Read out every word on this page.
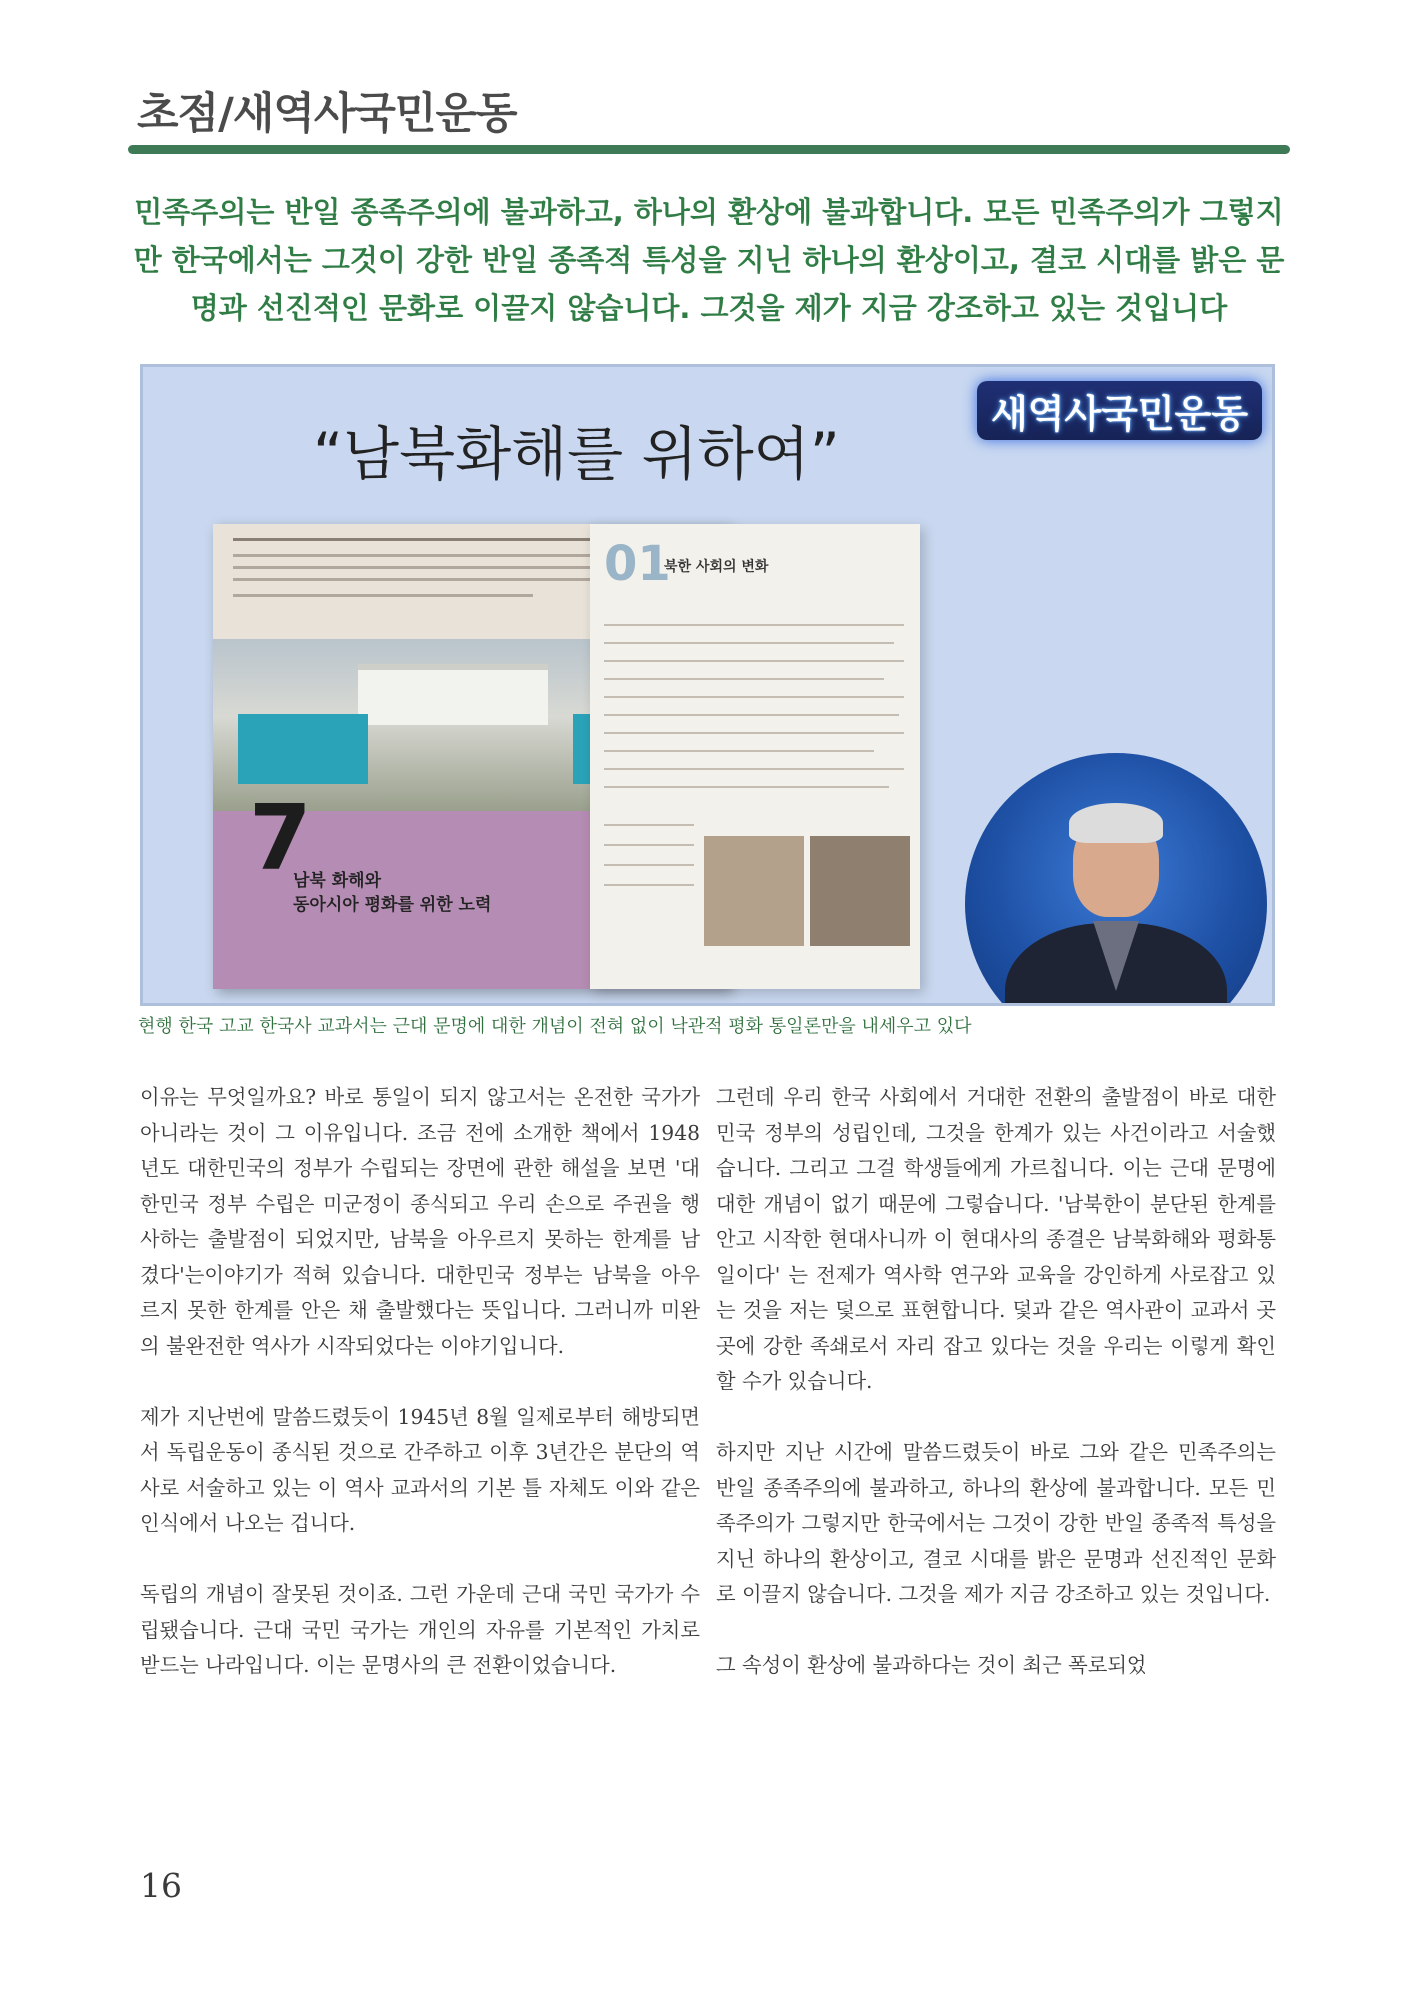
초점/새역사국민운동

민족주의는 반일 종족주의에 불과하고, 하나의 환상에 불과합니다. 모든 민족주의가 그렇지만 한국에서는 그것이 강한 반일 종족적 특성을 지닌 하나의 환상이고, 결코 시대를 밝은 문명과 선진적인 문화로 이끌지 않습니다. 그것을 제가 지금 강조하고 있는 것입니다

“남북화해를 위하여”
새역사국민운동
7

남북 화해와
동아시아 평화를 위한 노력

01

북한 사회의 변화

현행 한국 고교 한국사 교과서는 근대 문명에 대한 개념이 전혀 없이 낙관적 평화 통일론만을 내세우고 있다

이유는 무엇일까요? 바로 통일이 되지 않고서는 온전한 국가가 아니라는 것이 그 이유입니다. 조금 전에 소개한 책에서 1948년도 대한민국의 정부가 수립되는 장면에 관한 해설을 보면 '대한민국 정부 수립은 미군정이 종식되고 우리 손으로 주권을 행사하는 출발점이 되었지만, 남북을 아우르지 못하는 한계를 남겼다'는이야기가 적혀 있습니다. 대한민국 정부는 남북을 아우르지 못한 한계를 안은 채 출발했다는 뜻입니다. 그러니까 미완의 불완전한 역사가 시작되었다는 이야기입니다.

제가 지난번에 말씀드렸듯이 1945년 8월 일제로부터 해방되면서 독립운동이 종식된 것으로 간주하고 이후 3년간은 분단의 역사로 서술하고 있는 이 역사 교과서의 기본 틀 자체도 이와 같은 인식에서 나오는 겁니다.

독립의 개념이 잘못된 것이죠. 그런 가운데 근대 국민 국가가 수립됐습니다. 근대 국민 국가는 개인의 자유를 기본적인 가치로 받드는 나라입니다. 이는 문명사의 큰 전환이었습니다.

그런데 우리 한국 사회에서 거대한 전환의 출발점이 바로 대한민국 정부의 성립인데, 그것을 한계가 있는 사건이라고 서술했습니다. 그리고 그걸 학생들에게 가르칩니다. 이는 근대 문명에 대한 개념이 없기 때문에 그렇습니다. '남북한이 분단된 한계를 안고 시작한 현대사니까 이 현대사의 종결은 남북화해와 평화통일이다' 는 전제가 역사학 연구와 교육을 강인하게 사로잡고 있는 것을 저는 덫으로 표현합니다. 덫과 같은 역사관이 교과서 곳곳에 강한 족쇄로서 자리 잡고 있다는 것을 우리는 이렇게 확인할 수가 있습니다.

하지만 지난 시간에 말씀드렸듯이 바로 그와 같은 민족주의는 반일 종족주의에 불과하고, 하나의 환상에 불과합니다. 모든 민족주의가 그렇지만 한국에서는 그것이 강한 반일 종족적 특성을 지닌 하나의 환상이고, 결코 시대를 밝은 문명과 선진적인 문화로 이끌지 않습니다. 그것을 제가 지금 강조하고 있는 것입니다.

그 속성이 환상에 불과하다는 것이 최근 폭로되었

16
